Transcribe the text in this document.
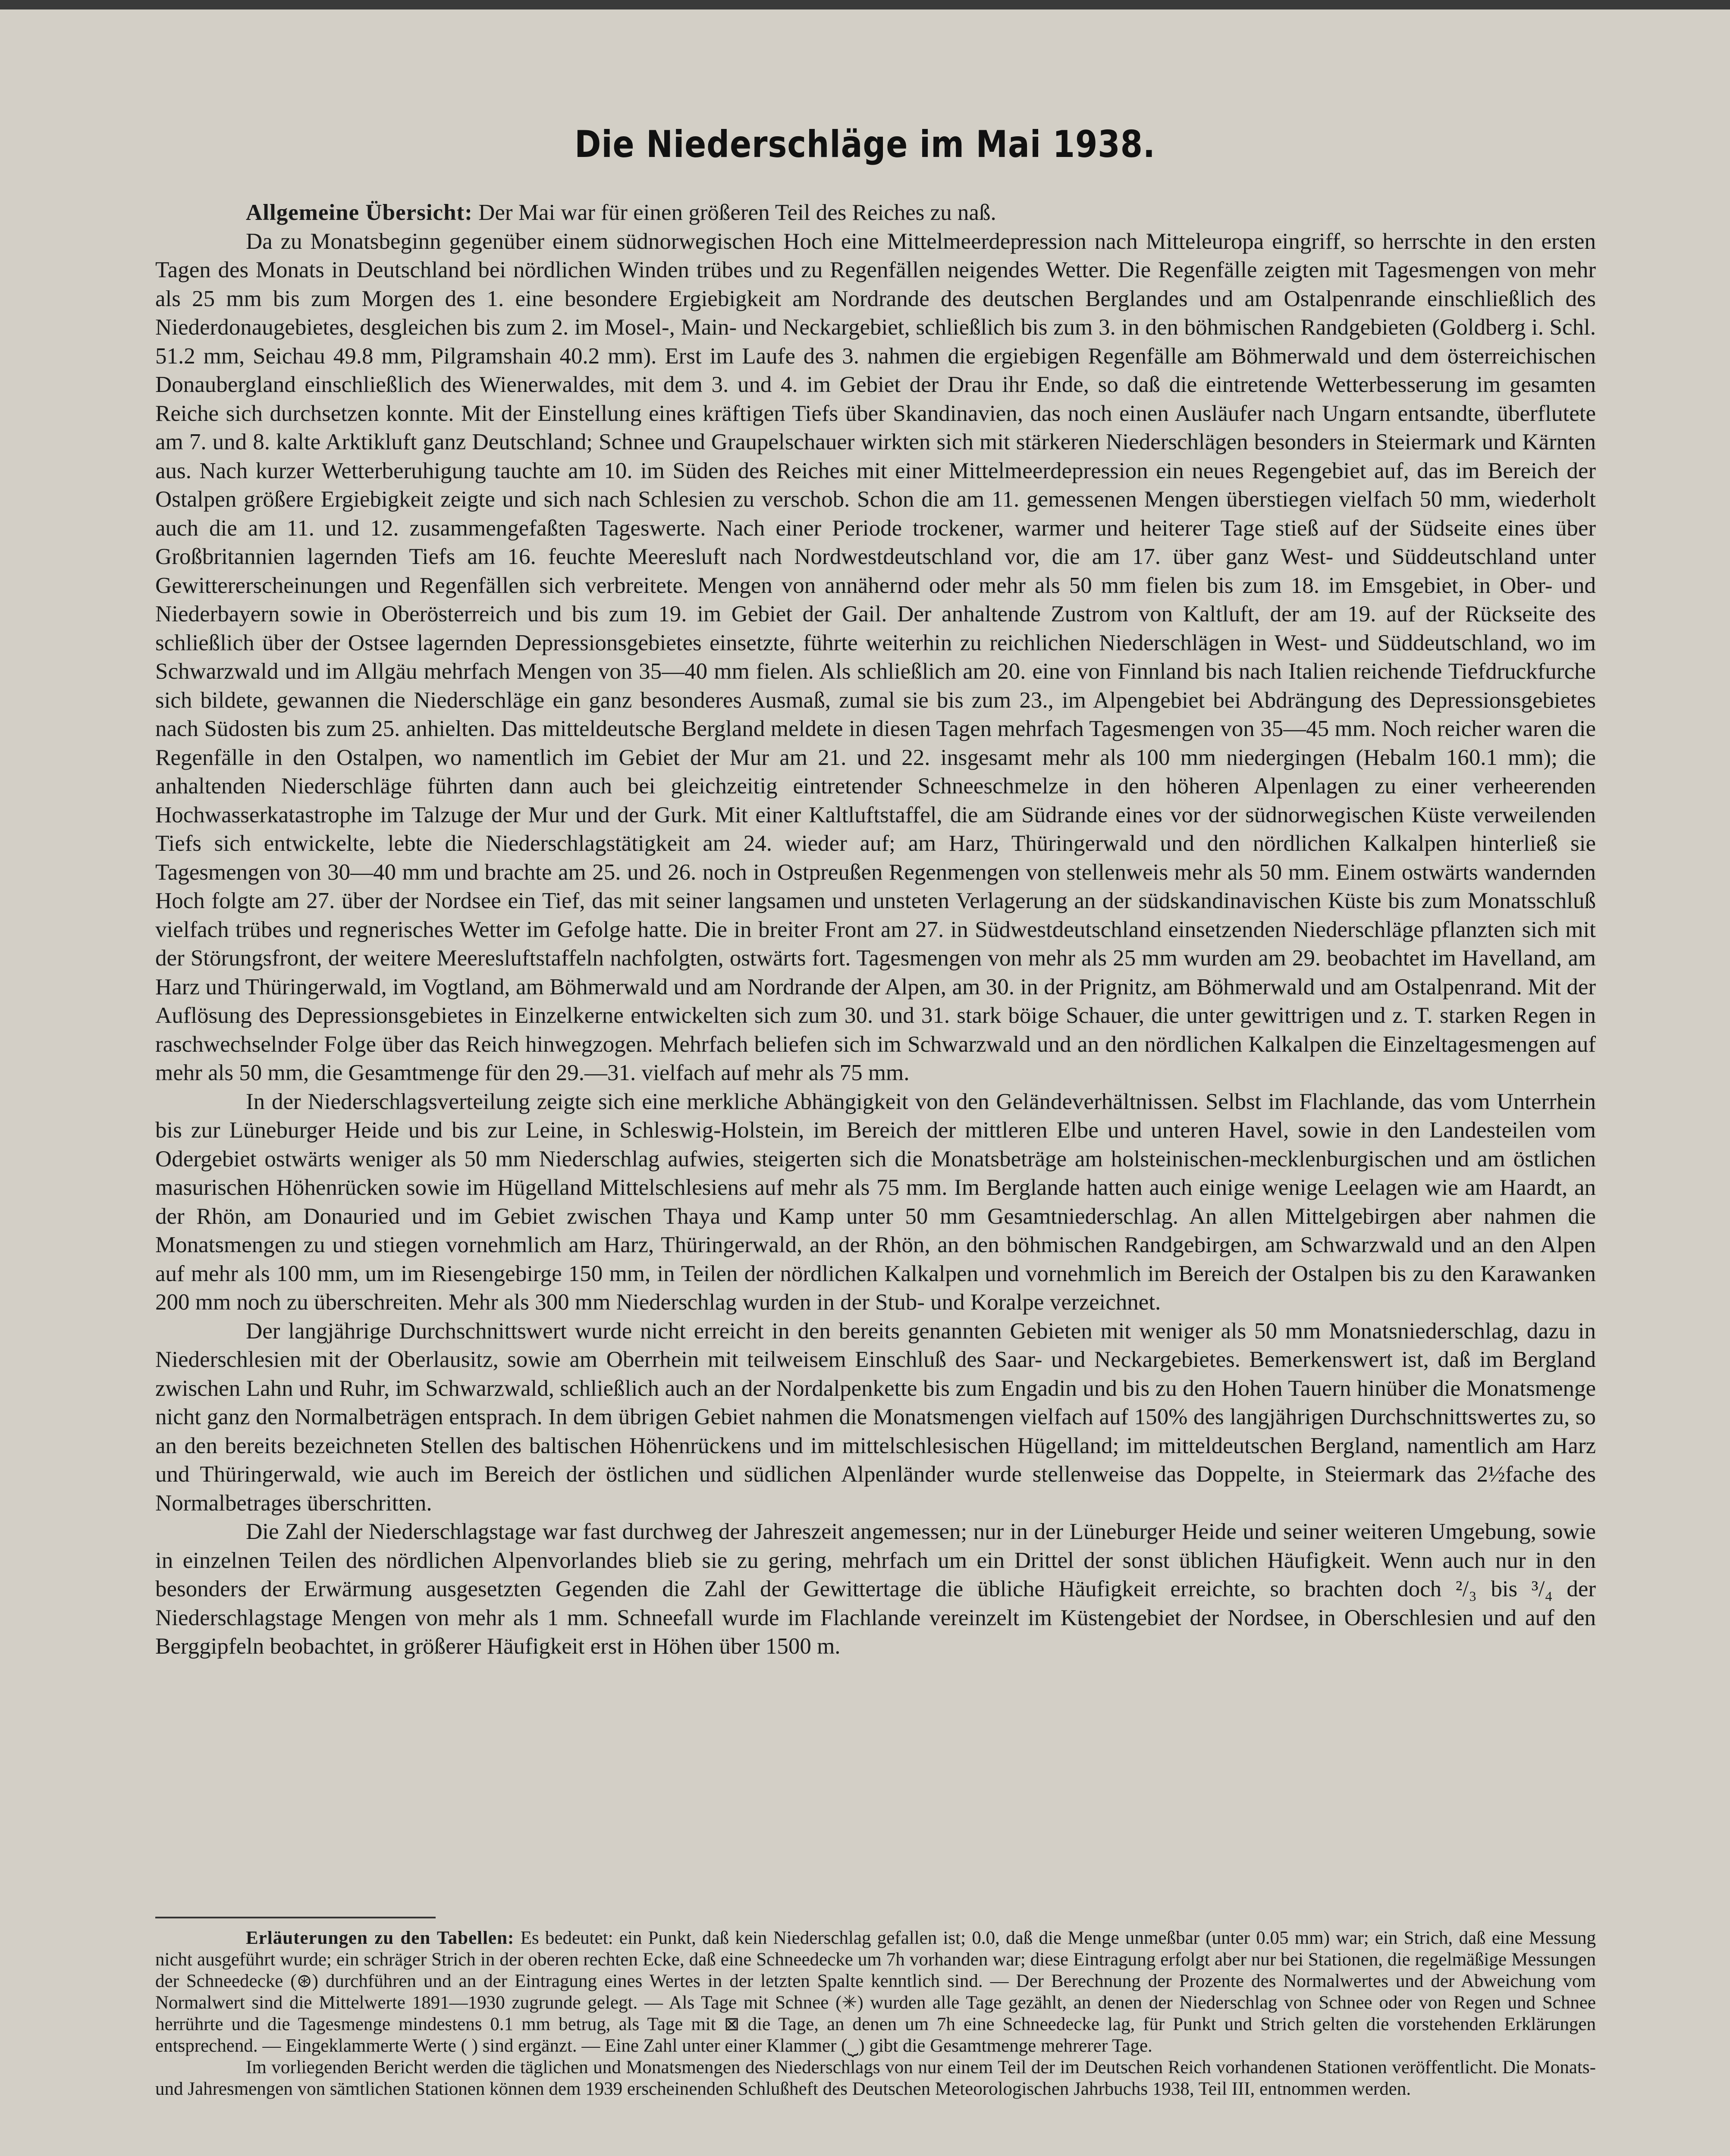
Die Niederschläge im Mai 1938.

Allgemeine Übersicht: Der Mai war für einen größeren Teil des Reiches zu naß.

Da zu Monatsbeginn gegenüber einem südnorwegischen Hoch eine Mittelmeerdepression nach Mitteleuropa eingriff, so herrschte in den ersten Tagen des Monats in Deutschland bei nördlichen Winden trübes und zu Regenfällen neigendes Wetter. Die Regenfälle zeigten mit Tagesmengen von mehr als 25 mm bis zum Morgen des 1. eine besondere Ergiebigkeit am Nordrande des deutschen Berglandes und am Ostalpenrande einschließlich des Niederdonaugebietes, desgleichen bis zum 2. im Mosel-, Main- und Neckargebiet, schließlich bis zum 3. in den böhmischen Randgebieten (Goldberg i. Schl. 51.2 mm, Seichau 49.8 mm, Pilgramshain 40.2 mm). Erst im Laufe des 3. nahmen die ergiebigen Regenfälle am Böhmerwald und dem österreichischen Donaubergland einschließlich des Wienerwaldes, mit dem 3. und 4. im Gebiet der Drau ihr Ende, so daß die eintretende Wetterbesserung im gesamten Reiche sich durchsetzen konnte. Mit der Einstellung eines kräftigen Tiefs über Skandinavien, das noch einen Ausläufer nach Ungarn entsandte, überflutete am 7. und 8. kalte Arktikluft ganz Deutschland; Schnee und Graupelschauer wirkten sich mit stärkeren Niederschlägen besonders in Steiermark und Kärnten aus. Nach kurzer Wetterberuhigung tauchte am 10. im Süden des Reiches mit einer Mittelmeerdepression ein neues Regengebiet auf, das im Bereich der Ostalpen größere Ergiebigkeit zeigte und sich nach Schlesien zu verschob. Schon die am 11. gemessenen Mengen überstiegen vielfach 50 mm, wiederholt auch die am 11. und 12. zusammengefaßten Tageswerte. Nach einer Periode trockener, warmer und heiterer Tage stieß auf der Südseite eines über Großbritannien lagernden Tiefs am 16. feuchte Meeresluft nach Nordwestdeutschland vor, die am 17. über ganz West- und Süddeutschland unter Gewittererscheinungen und Regenfällen sich verbreitete. Mengen von annähernd oder mehr als 50 mm fielen bis zum 18. im Emsgebiet, in Ober- und Niederbayern sowie in Oberösterreich und bis zum 19. im Gebiet der Gail. Der anhaltende Zustrom von Kaltluft, der am 19. auf der Rückseite des schließlich über der Ostsee lagernden Depressionsgebietes einsetzte, führte weiterhin zu reichlichen Niederschlägen in West- und Süddeutschland, wo im Schwarzwald und im Allgäu mehrfach Mengen von 35—40 mm fielen. Als schließlich am 20. eine von Finnland bis nach Italien reichende Tiefdruckfurche sich bildete, gewannen die Niederschläge ein ganz besonderes Ausmaß, zumal sie bis zum 23., im Alpengebiet bei Abdrängung des Depressionsgebietes nach Südosten bis zum 25. anhielten. Das mitteldeutsche Bergland meldete in diesen Tagen mehrfach Tagesmengen von 35—45 mm. Noch reicher waren die Regenfälle in den Ostalpen, wo namentlich im Gebiet der Mur am 21. und 22. insgesamt mehr als 100 mm niedergingen (Hebalm 160.1 mm); die anhaltenden Niederschläge führten dann auch bei gleichzeitig eintretender Schneeschmelze in den höheren Alpenlagen zu einer verheerenden Hochwasserkatastrophe im Talzuge der Mur und der Gurk. Mit einer Kaltluftstaffel, die am Südrande eines vor der südnorwegischen Küste verweilenden Tiefs sich entwickelte, lebte die Niederschlagstätigkeit am 24. wieder auf; am Harz, Thüringerwald und den nördlichen Kalkalpen hinterließ sie Tagesmengen von 30—40 mm und brachte am 25. und 26. noch in Ostpreußen Regenmengen von stellenweis mehr als 50 mm. Einem ostwärts wandernden Hoch folgte am 27. über der Nordsee ein Tief, das mit seiner langsamen und unsteten Verlagerung an der südskandinavischen Küste bis zum Monatsschluß vielfach trübes und regnerisches Wetter im Gefolge hatte. Die in breiter Front am 27. in Südwestdeutschland einsetzenden Niederschläge pflanzten sich mit der Störungsfront, der weitere Meeresluftstaffeln nachfolgten, ostwärts fort. Tagesmengen von mehr als 25 mm wurden am 29. beobachtet im Havelland, am Harz und Thüringerwald, im Vogtland, am Böhmerwald und am Nordrande der Alpen, am 30. in der Prignitz, am Böhmerwald und am Ostalpenrand. Mit der Auflösung des Depressionsgebietes in Einzelkerne entwickelten sich zum 30. und 31. stark böige Schauer, die unter gewittrigen und z. T. starken Regen in raschwechselnder Folge über das Reich hinwegzogen. Mehrfach beliefen sich im Schwarzwald und an den nördlichen Kalkalpen die Einzeltagesmengen auf mehr als 50 mm, die Gesamtmenge für den 29.—31. vielfach auf mehr als 75 mm.

In der Niederschlagsverteilung zeigte sich eine merkliche Abhängigkeit von den Geländeverhältnissen. Selbst im Flachlande, das vom Unterrhein bis zur Lüneburger Heide und bis zur Leine, in Schleswig-Holstein, im Bereich der mittleren Elbe und unteren Havel, sowie in den Landesteilen vom Odergebiet ostwärts weniger als 50 mm Niederschlag aufwies, steigerten sich die Monatsbeträge am holsteinischen-mecklenburgischen und am östlichen masurischen Höhenrücken sowie im Hügelland Mittelschlesiens auf mehr als 75 mm. Im Berglande hatten auch einige wenige Leelagen wie am Haardt, an der Rhön, am Donauried und im Gebiet zwischen Thaya und Kamp unter 50 mm Gesamtniederschlag. An allen Mittelgebirgen aber nahmen die Monatsmengen zu und stiegen vornehmlich am Harz, Thüringerwald, an der Rhön, an den böhmischen Randgebirgen, am Schwarzwald und an den Alpen auf mehr als 100 mm, um im Riesengebirge 150 mm, in Teilen der nördlichen Kalkalpen und vornehmlich im Bereich der Ostalpen bis zu den Karawanken 200 mm noch zu überschreiten. Mehr als 300 mm Niederschlag wurden in der Stub- und Koralpe verzeichnet.

Der langjährige Durchschnittswert wurde nicht erreicht in den bereits genannten Gebieten mit weniger als 50 mm Monatsniederschlag, dazu in Niederschlesien mit der Oberlausitz, sowie am Oberrhein mit teilweisem Einschluß des Saar- und Neckargebietes. Bemerkenswert ist, daß im Bergland zwischen Lahn und Ruhr, im Schwarzwald, schließlich auch an der Nordalpenkette bis zum Engadin und bis zu den Hohen Tauern hinüber die Monatsmenge nicht ganz den Normalbeträgen entsprach. In dem übrigen Gebiet nahmen die Monatsmengen vielfach auf 150% des langjährigen Durchschnittswertes zu, so an den bereits bezeichneten Stellen des baltischen Höhenrückens und im mittelschlesischen Hügelland; im mitteldeutschen Bergland, namentlich am Harz und Thüringerwald, wie auch im Bereich der östlichen und südlichen Alpenländer wurde stellenweise das Doppelte, in Steiermark das 2½fache des Normalbetrages überschritten.

Die Zahl der Niederschlagstage war fast durchweg der Jahreszeit angemessen; nur in der Lüneburger Heide und seiner weiteren Umgebung, sowie in einzelnen Teilen des nördlichen Alpenvorlandes blieb sie zu gering, mehrfach um ein Drittel der sonst üblichen Häufigkeit. Wenn auch nur in den besonders der Erwärmung ausgesetzten Gegenden die Zahl der Gewittertage die übliche Häufigkeit erreichte, so brachten doch ²/₃ bis ³/₄ der Niederschlagstage Mengen von mehr als 1 mm. Schneefall wurde im Flachlande vereinzelt im Küstengebiet der Nordsee, in Oberschlesien und auf den Berggipfeln beobachtet, in größerer Häufigkeit erst in Höhen über 1500 m.

Erläuterungen zu den Tabellen: Es bedeutet: ein Punkt, daß kein Niederschlag gefallen ist; 0.0, daß die Menge unmeßbar (unter 0.05 mm) war; ein Strich, daß eine Messung nicht ausgeführt wurde; ein schräger Strich in der oberen rechten Ecke, daß eine Schneedecke um 7h vorhanden war; diese Eintragung erfolgt aber nur bei Stationen, die regelmäßige Messungen der Schneedecke (⊛) durchführen und an der Eintragung eines Wertes in der letzten Spalte kenntlich sind. — Der Berechnung der Prozente des Normalwertes und der Abweichung vom Normalwert sind die Mittelwerte 1891—1930 zugrunde gelegt. — Als Tage mit Schnee (✳) wurden alle Tage gezählt, an denen der Niederschlag von Schnee oder von Regen und Schnee herrührte und die Tagesmenge mindestens 0.1 mm betrug, als Tage mit ⊠ die Tage, an denen um 7h eine Schneedecke lag, für Punkt und Strich gelten die vorstehenden Erklärungen entsprechend. — Eingeklammerte Werte ( ) sind ergänzt. — Eine Zahl unter einer Klammer (⏟) gibt die Gesamtmenge mehrerer Tage.

Im vorliegenden Bericht werden die täglichen und Monatsmengen des Niederschlags von nur einem Teil der im Deutschen Reich vorhandenen Stationen veröffentlicht. Die Monats- und Jahresmengen von sämtlichen Stationen können dem 1939 erscheinenden Schlußheft des Deutschen Meteorologischen Jahrbuchs 1938, Teil III, entnommen werden.
